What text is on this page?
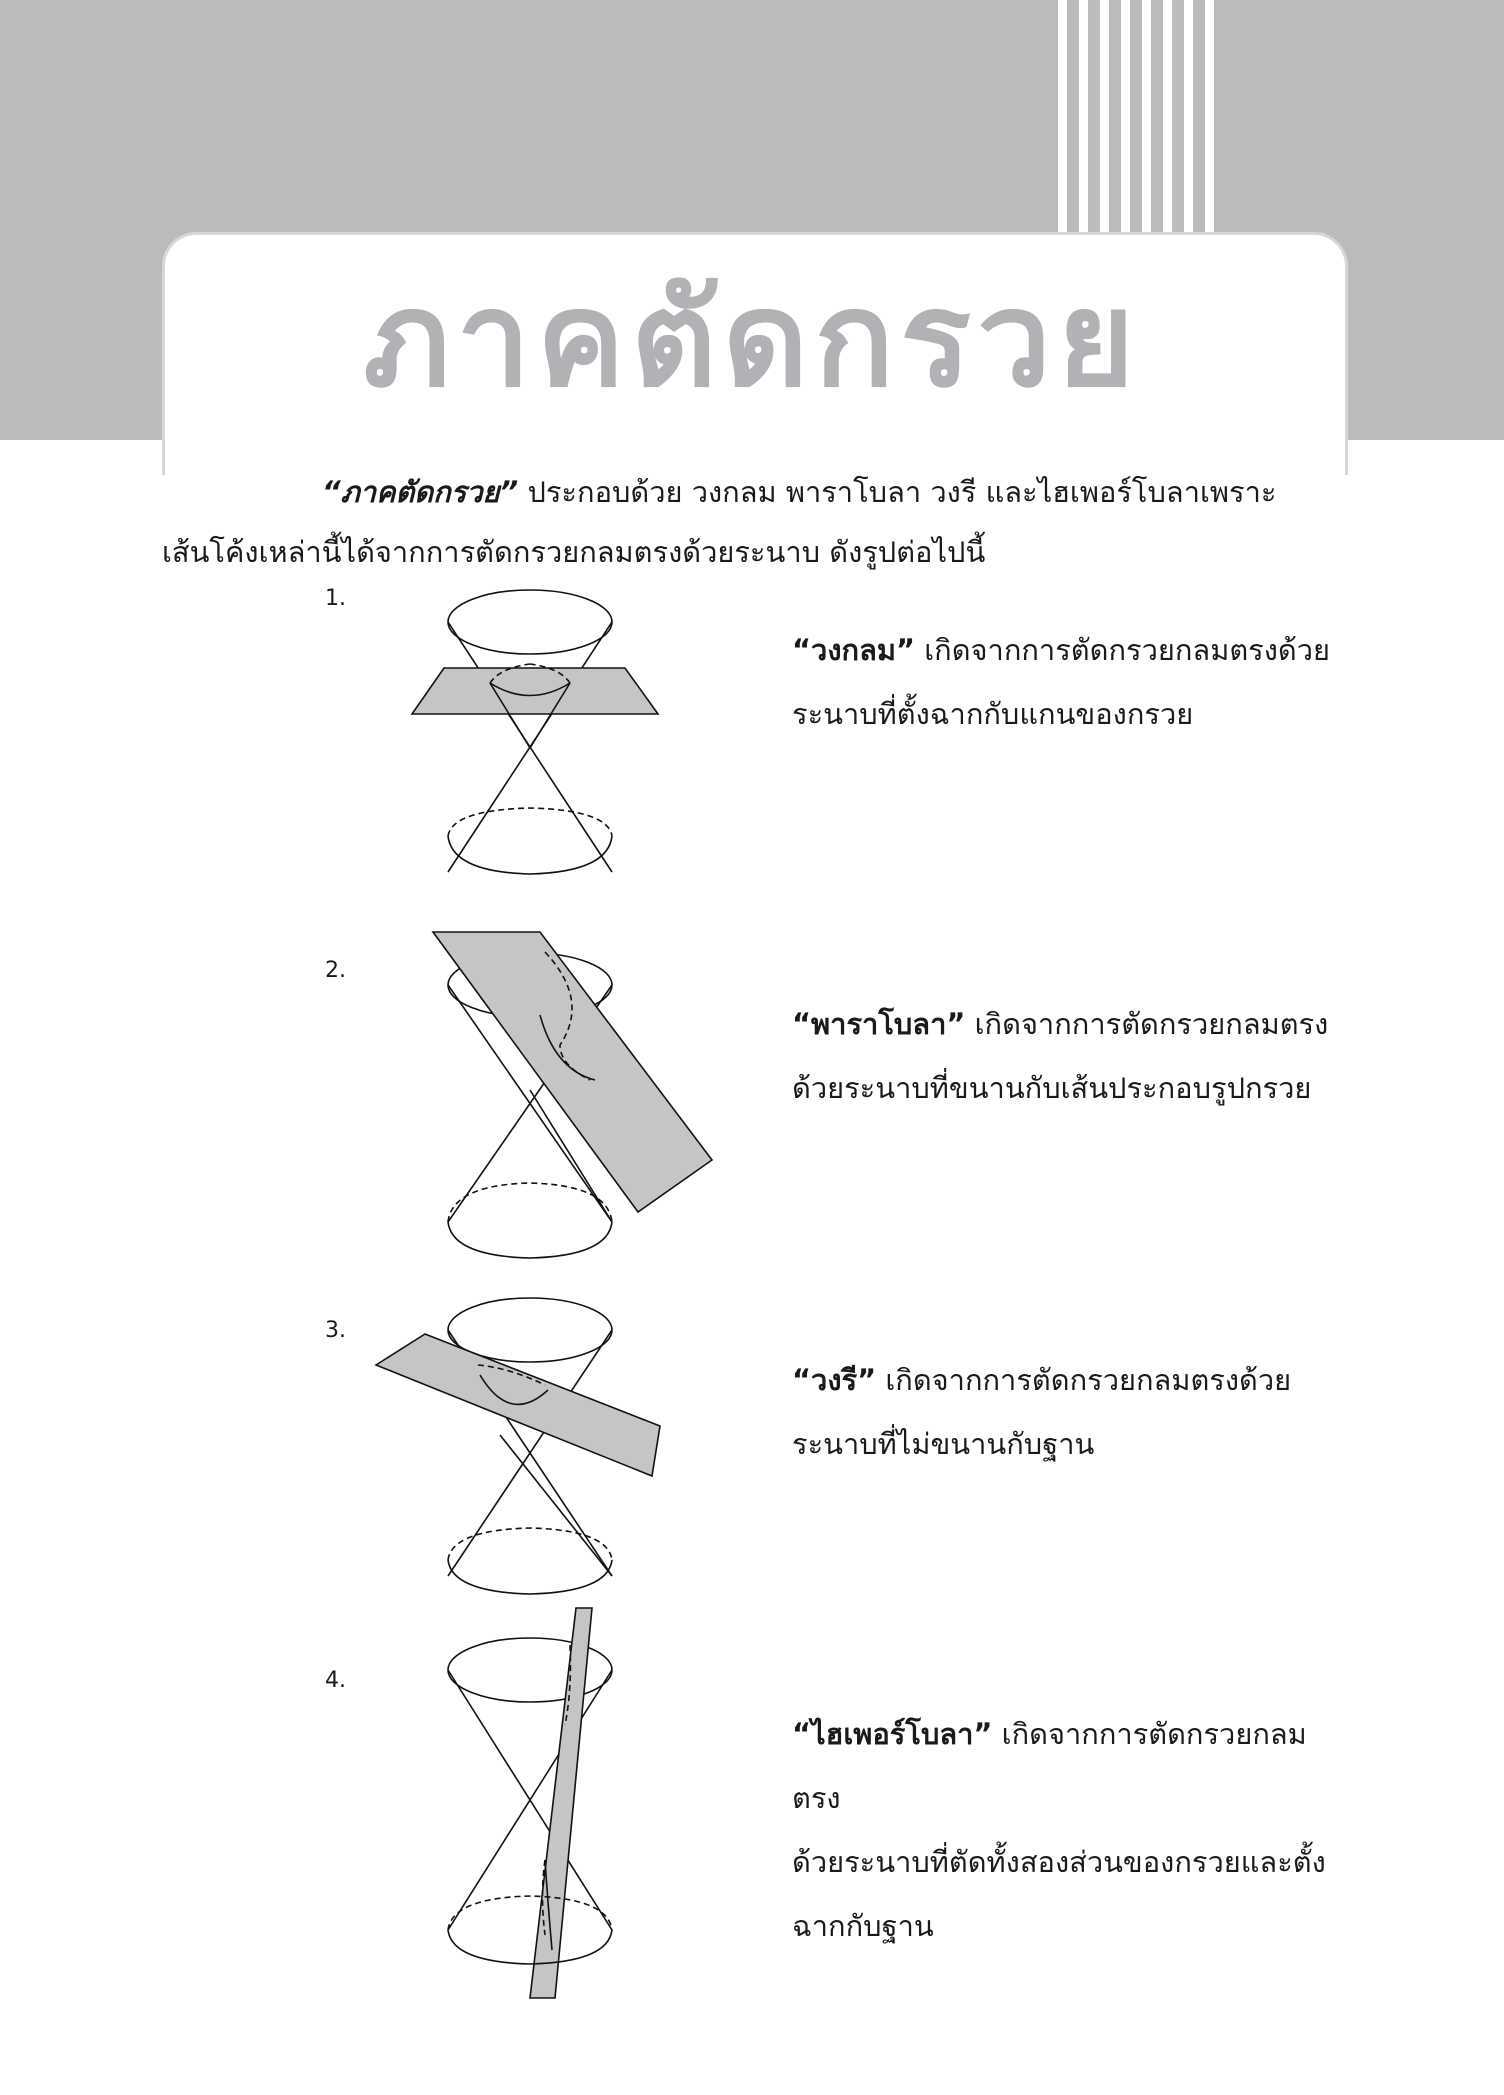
ภาคตัดกรวย

“ภาคตัดกรวย” ประกอบด้วย วงกลม พาราโบลา วงรี และไฮเพอร์โบลาเพราะ

เส้นโค้งเหล่านี้ได้จากการตัดกรวยกลมตรงด้วยระนาบ ดังรูปต่อไปนี้

1.
2.
3.
4.
“วงกลม” เกิดจากการตัดกรวยกลมตรงด้วย
ระนาบที่ตั้งฉากกับแกนของกรวย
“พาราโบลา” เกิดจากการตัดกรวยกลมตรง
ด้วยระนาบที่ขนานกับเส้นประกอบรูปกรวย
“วงรี” เกิดจากการตัดกรวยกลมตรงด้วย
ระนาบที่ไม่ขนานกับฐาน
“ไฮเพอร์โบลา” เกิดจากการตัดกรวยกลมตรง
ด้วยระนาบที่ตัดทั้งสองส่วนของกรวยและตั้งฉากกับฐาน
